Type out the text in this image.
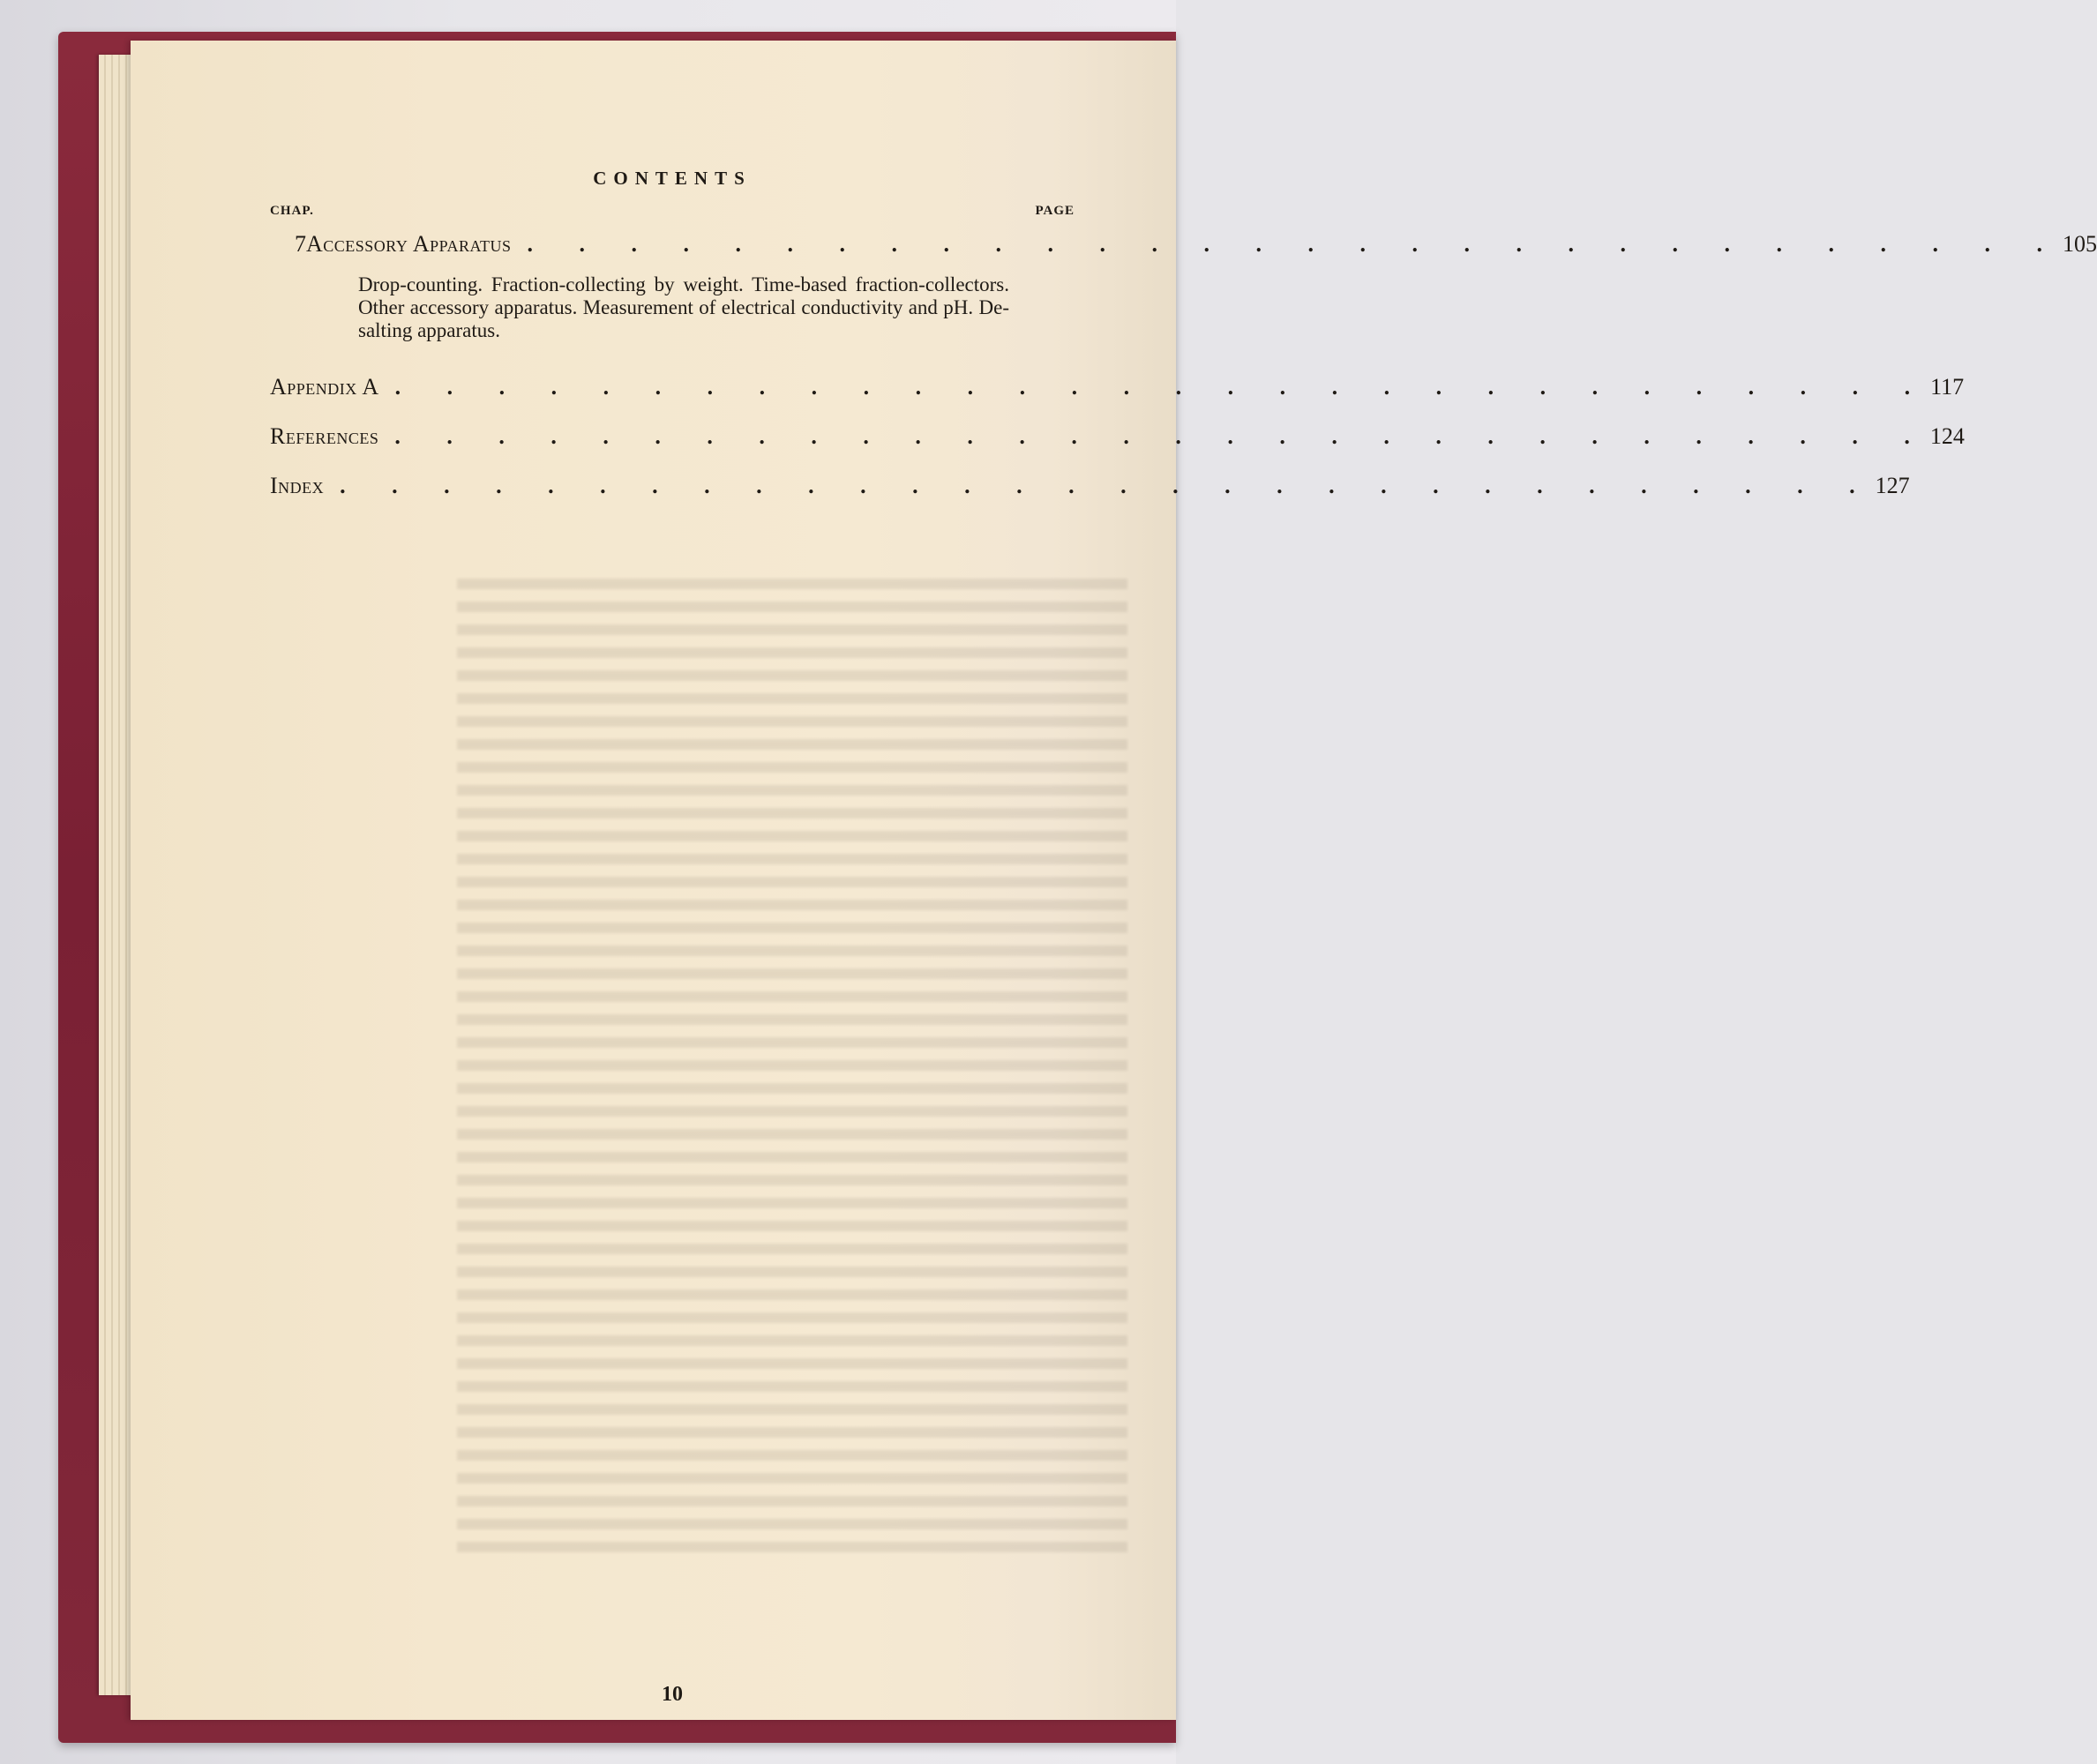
CONTENTS
CHAP.	PAGE
7 Accessory Apparatus . . . . . . . . . . . . . . . . . . . . . . . . . . . . . . 105
Drop-counting. Fraction-collecting by weight. Time-based fraction-collectors. Other accessory apparatus. Measurement of electrical conductivity and pH. De-salting apparatus.
Appendix A . . . . . . . . . . . . . . . . . . . . . . . . . . . . . . 117
References . . . . . . . . . . . . . . . . . . . . . . . . . . . . . . 124
Index . . . . . . . . . . . . . . . . . . . . . . . . . . . . . . 127
10
